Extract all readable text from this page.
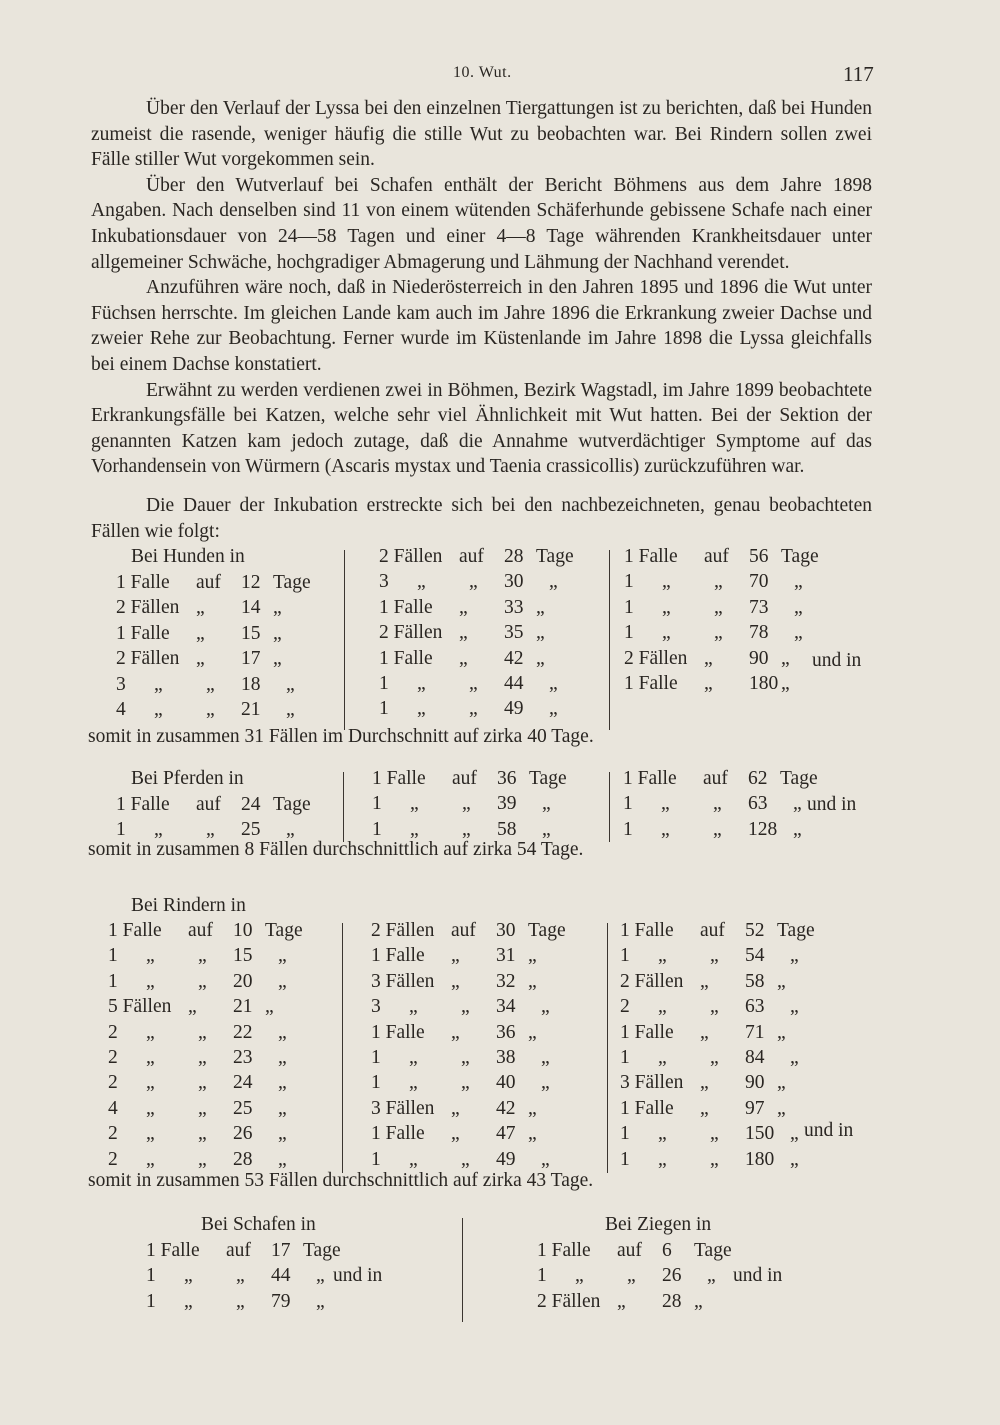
10. Wut.	117

Über den Verlauf der Lyssa bei den einzelnen Tiergattungen ist zu berichten, daß bei Hunden zumeist die rasende, weniger häufig die stille Wut zu beobachten war. Bei Rindern sollen zwei Fälle stiller Wut vorgekommen sein.

Über den Wutverlauf bei Schafen enthält der Bericht Böhmens aus dem Jahre 1898 Angaben. Nach denselben sind 11 von einem wütenden Schäferhunde gebissene Schafe nach einer Inkubationsdauer von 24—58 Tagen und einer 4—8 Tage währenden Krankheitsdauer unter allgemeiner Schwäche, hochgradiger Abmagerung und Lähmung der Nachhand verendet.

Anzuführen wäre noch, daß in Niederösterreich in den Jahren 1895 und 1896 die Wut unter Füchsen herrschte. Im gleichen Lande kam auch im Jahre 1896 die Erkrankung zweier Dachse und zweier Rehe zur Beobachtung. Ferner wurde im Küstenlande im Jahre 1898 die Lyssa gleichfalls bei einem Dachse konstatiert.

Erwähnt zu werden verdienen zwei in Böhmen, Bezirk Wagstadl, im Jahre 1899 beobachtete Erkrankungsfälle bei Katzen, welche sehr viel Ähnlichkeit mit Wut hatten. Bei der Sektion der genannten Katzen kam jedoch zutage, daß die Annahme wutverdächtiger Symptome auf das Vorhandensein von Würmern (Ascaris mystax und Taenia crassicollis) zurückzuführen war.

Die Dauer der Inkubation erstreckte sich bei den nachbezeichneten, genau beobachteten Fällen wie folgt:

Bei Hunden in
und in
somit in zusammen 31 Fällen im Durchschnitt auf zirka 40 Tage.
1 Falle auf 12 Tage
2 Fällen „ 14 „
1 Falle „ 15 „
2 Fällen „ 17 „
3 „ „ 18 „
4 „ „ 21 „
2 Fällen auf 28 Tage
3 „ „ 30 „
1 Falle „ 33 „
2 Fällen „ 35 „
1 Falle „ 42 „
1 „ „ 44 „
1 „ „ 49 „
1 Falle auf 56 Tage
1 „ „ 70 „
1 „ „ 73 „
1 „ „ 78 „
2 Fällen „ 90 „
1 Falle „ 180 „
Bei Pferden in
und in
somit in zusammen 8 Fällen durchschnittlich auf zirka 54 Tage.
1 Falle auf 24 Tage
1 „ „ 25 „
1 Falle auf 36 Tage
1 „ „ 39 „
1 „ „ 58 „
1 Falle auf 62 Tage
1 „ „ 63 „
1 „ „ 128 „
Bei Rindern in
und in
somit in zusammen 53 Fällen durchschnittlich auf zirka 43 Tage.
1 Falle auf 10 Tage
1 „ „ 15 „
1 „ „ 20 „
5 Fällen „ 21 „
2 „ „ 22 „
2 „ „ 23 „
2 „ „ 24 „
4 „ „ 25 „
2 „ „ 26 „
2 „ „ 28 „
2 Fällen auf 30 Tage
1 Falle „ 31 „
3 Fällen „ 32 „
3 „ „ 34 „
1 Falle „ 36 „
1 „ „ 38 „
1 „ „ 40 „
3 Fällen „ 42 „
1 Falle „ 47 „
1 „ „ 49 „
1 Falle auf 52 Tage
1 „ „ 54 „
2 Fällen „ 58 „
2 „ „ 63 „
1 Falle „ 71 „
1 „ „ 84 „
3 Fällen „ 90 „
1 Falle „ 97 „
1 „ „ 150 „
1 „ „ 180 „
Bei Schafen in
und in
Bei Ziegen in
und in
1 Falle auf 17 Tage
1 „ „ 44 „
1 „ „ 79 „
1 Falle auf 6 Tage
1 „ „ 26 „
2 Fällen „ 28 „
